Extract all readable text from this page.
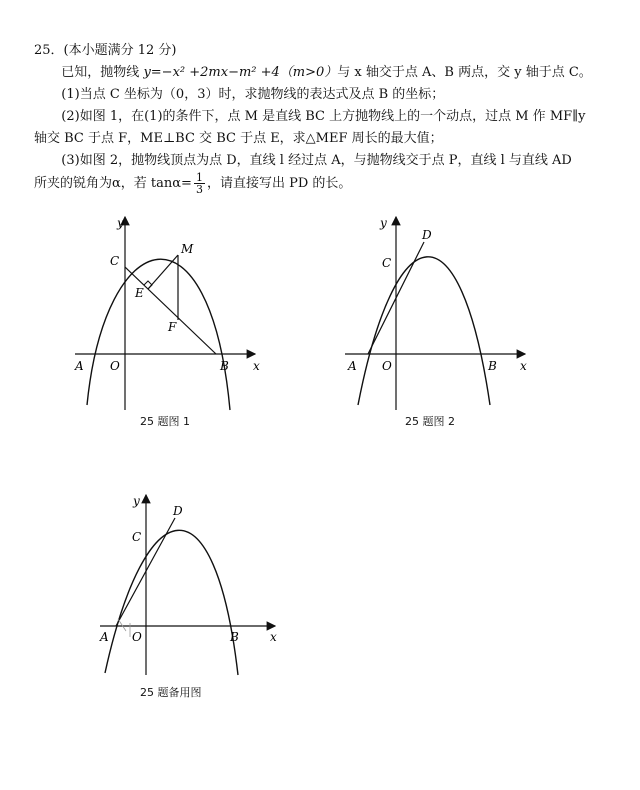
25．(本小题满分 12 分)

已知，抛物线 y=−x² +2mx−m² +4（m>0）与 x 轴交于点 A、B 两点，交 y 轴于点 C。

(1)当点 C 坐标为（0，3）时，求抛物线的表达式及点 B 的坐标；

(2)如图 1，在(1)的条件下，点 M 是直线 BC 上方抛物线上的一个动点，过点 M 作 MF∥y

轴交 BC 于点 F，ME⊥BC 交 BC 于点 E，求△MEF 周长的最大值；

(3)如图 2，抛物线顶点为点 D，直线 l 经过点 A，与抛物线交于点 P，直线 l 与直线 AD

所夹的锐角为α，若 $\tan\alpha= \frac{1}{3}$ ，请直接写出 PD 的长。

y
x
C
M
E
F
A O	B
25 题图 1
y
x
D
C
A O	B
25 题图 2
y
x
D
C
A O	B
25 题备用图
